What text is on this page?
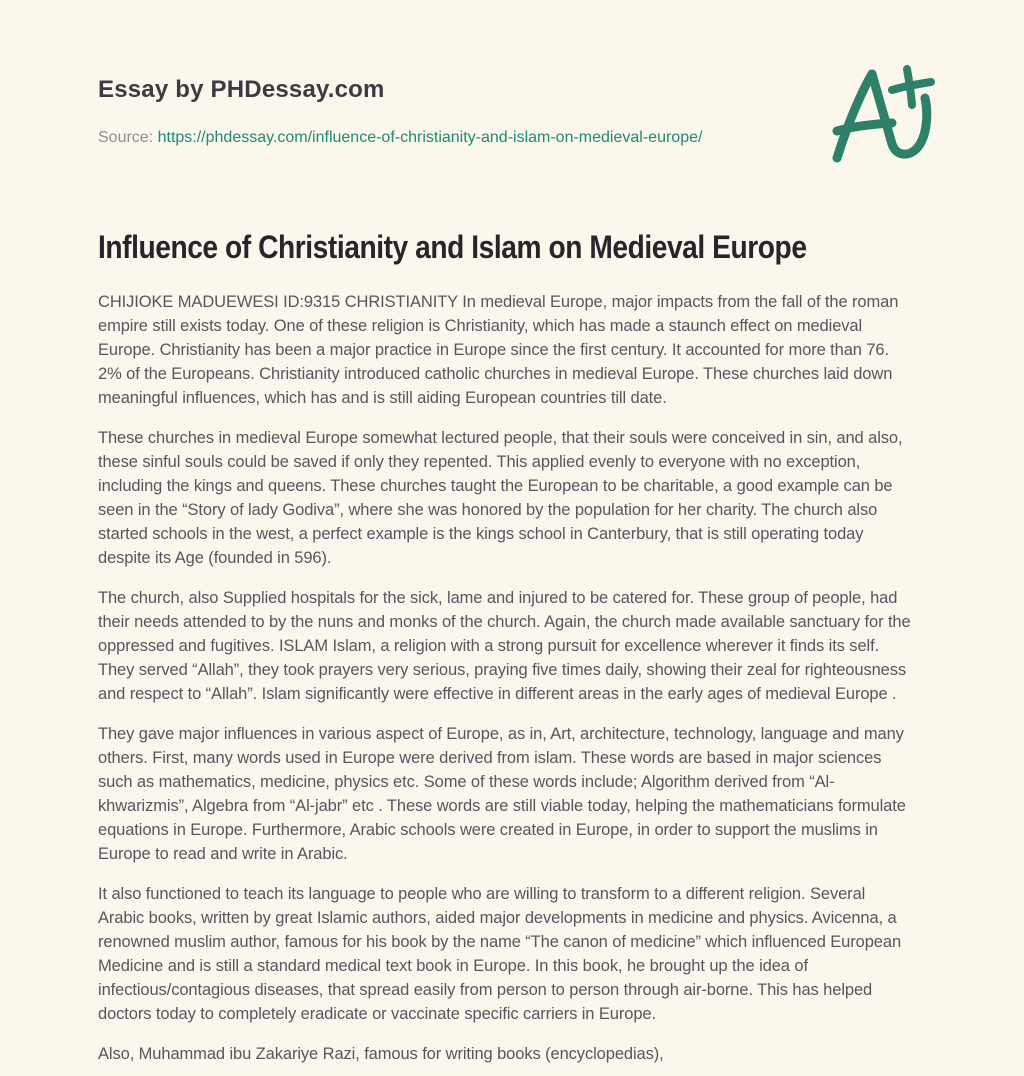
Essay by PHDessay.com
Source: https://phdessay.com/influence-of-christianity-and-islam-on-medieval-europe/
Influence of Christianity and Islam on Medieval Europe

CHIJIOKE MADUEWESI ID:9315 CHRISTIANITY In medieval Europe, major impacts from the fall of the roman empire still exists today. One of these religion is Christianity, which has made a staunch effect on medieval Europe. Christianity has been a major practice in Europe since the first century. It accounted for more than 76. 2% of the Europeans. Christianity introduced catholic churches in medieval Europe. These churches laid down meaningful influences, which has and is still aiding European countries till date.

These churches in medieval Europe somewhat lectured people, that their souls were conceived in sin, and also, these sinful souls could be saved if only they repented. This applied evenly to everyone with no exception, including the kings and queens. These churches taught the European to be charitable, a good example can be seen in the “Story of lady Godiva”, where she was honored by the population for her charity. The church also started schools in the west, a perfect example is the kings school in Canterbury, that is still operating today despite its Age (founded in 596).

The church, also Supplied hospitals for the sick, lame and injured to be catered for. These group of people, had their needs attended to by the nuns and monks of the church. Again, the church made available sanctuary for the oppressed and fugitives. ISLAM Islam, a religion with a strong pursuit for excellence wherever it finds its self. They served “Allah”, they took prayers very serious, praying five times daily, showing their zeal for righteousness and respect to “Allah”. Islam significantly were effective in different areas in the early ages of medieval Europe .

They gave major influences in various aspect of Europe, as in, Art, architecture, technology, language and many others. First, many words used in Europe were derived from islam. These words are based in major sciences such as mathematics, medicine, physics etc. Some of these words include; Algorithm derived from “Al-khwarizmis”, Algebra from “Al-jabr” etc . These words are still viable today, helping the mathematicians formulate equations in Europe. Furthermore, Arabic schools were created in Europe, in order to support the muslims in Europe to read and write in Arabic.

It also functioned to teach its language to people who are willing to transform to a different religion. Several Arabic books, written by great Islamic authors, aided major developments in medicine and physics. Avicenna, a renowned muslim author, famous for his book by the name “The canon of medicine” which influenced European Medicine and is still a standard medical text book in Europe. In this book, he brought up the idea of infectious/contagious diseases, that spread easily from person to person through air-borne. This has helped doctors today to completely eradicate or vaccinate specific carriers in Europe.

Also, Muhammad ibu Zakariye Razi, famous for writing books (encyclopedias),
